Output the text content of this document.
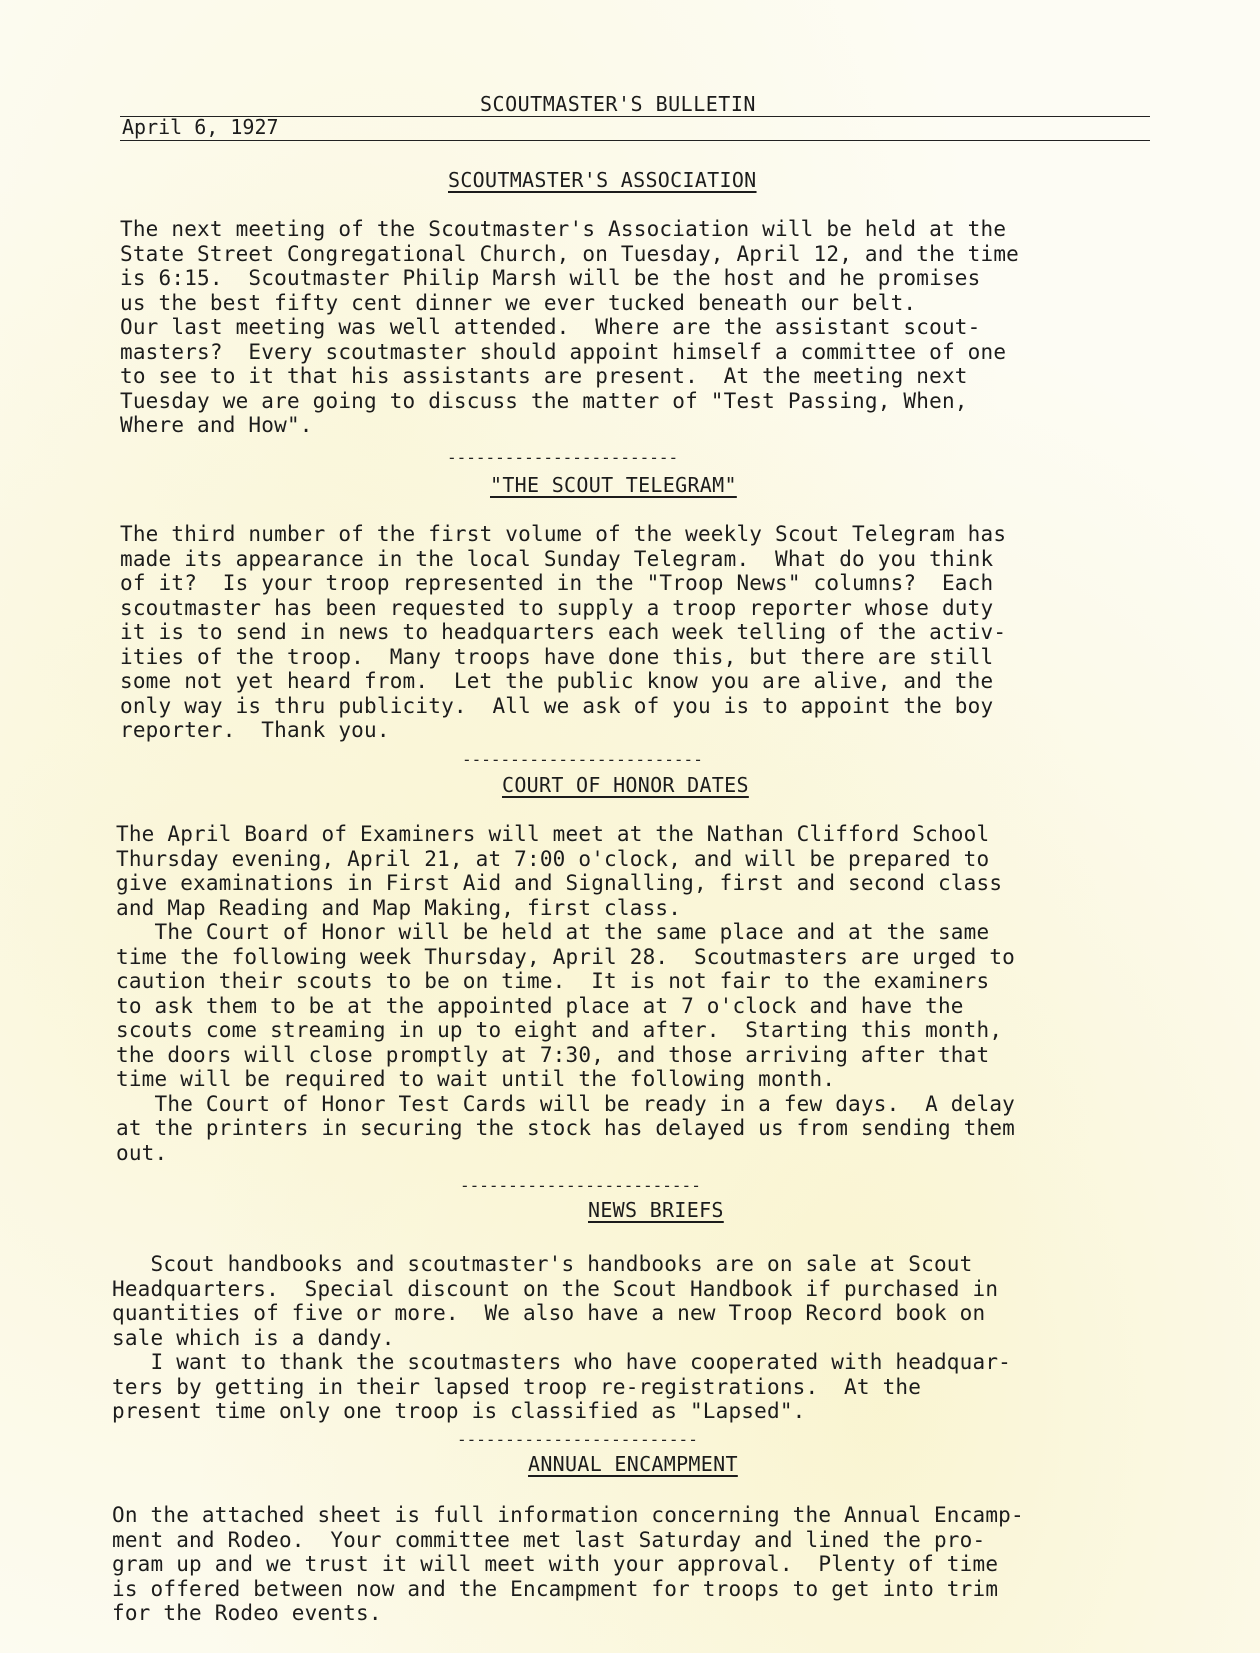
SCOUTMASTER'S BULLETIN
April 6, 1927
SCOUTMASTER'S ASSOCIATION
The next meeting of the Scoutmaster's Association will be held at the
State Street Congregational Church, on Tuesday, April 12, and the time
is 6:15.  Scoutmaster Philip Marsh will be the host and he promises
us the best fifty cent dinner we ever tucked beneath our belt.
Our last meeting was well attended.  Where are the assistant scout-
masters?  Every scoutmaster should appoint himself a committee of one
to see to it that his assistants are present.  At the meeting next
Tuesday we are going to discuss the matter of "Test Passing, When,
Where and How".
------------------------
"THE SCOUT TELEGRAM"
The third number of the first volume of the weekly Scout Telegram has
made its appearance in the local Sunday Telegram.  What do you think
of it?  Is your troop represented in the "Troop News" columns?  Each
scoutmaster has been requested to supply a troop reporter whose duty
it is to send in news to headquarters each week telling of the activ-
ities of the troop.  Many troops have done this, but there are still
some not yet heard from.  Let the public know you are alive, and the
only way is thru publicity.  All we ask of you is to appoint the boy
reporter.  Thank you.
-------------------------
COURT OF HONOR DATES
The April Board of Examiners will meet at the Nathan Clifford School
Thursday evening, April 21, at 7:00 o'clock, and will be prepared to
give examinations in First Aid and Signalling, first and second class
and Map Reading and Map Making, first class.
The Court of Honor will be held at the same place and at the same
time the following week Thursday, April 28.  Scoutmasters are urged to
caution their scouts to be on time.  It is not fair to the examiners
to ask them to be at the appointed place at 7 o'clock and have the
scouts come streaming in up to eight and after.  Starting this month,
the doors will close promptly at 7:30, and those arriving after that
time will be required to wait until the following month.
The Court of Honor Test Cards will be ready in a few days.  A delay
at the printers in securing the stock has delayed us from sending them
out.
-------------------------
NEWS BRIEFS
Scout handbooks and scoutmaster's handbooks are on sale at Scout
Headquarters.  Special discount on the Scout Handbook if purchased in
quantities of five or more.  We also have a new Troop Record book on
sale which is a dandy.
I want to thank the scoutmasters who have cooperated with headquar-
ters by getting in their lapsed troop re-registrations.  At the
present time only one troop is classified as "Lapsed".
-------------------------
ANNUAL ENCAMPMENT
On the attached sheet is full information concerning the Annual Encamp-
ment and Rodeo.  Your committee met last Saturday and lined the pro-
gram up and we trust it will meet with your approval.  Plenty of time
is offered between now and the Encampment for troops to get into trim
for the Rodeo events.
